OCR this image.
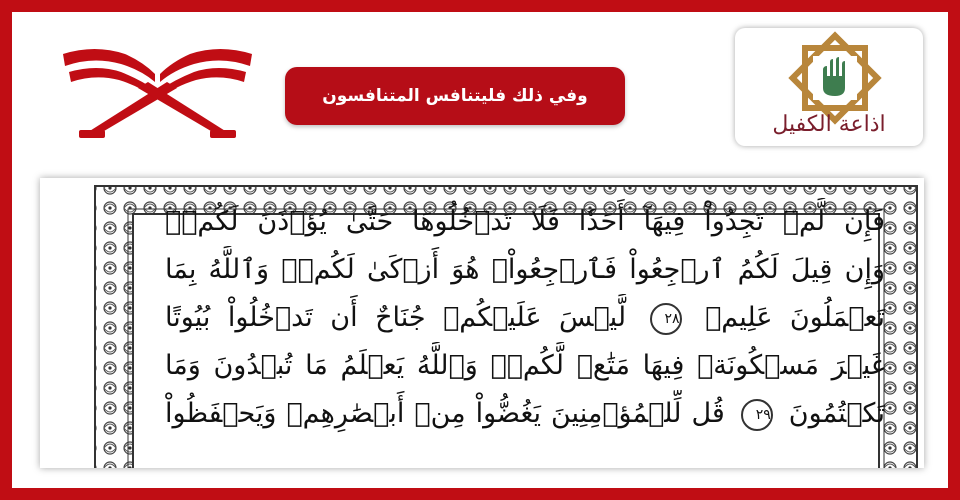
وفي ذلك فليتنافس المتنافسون
اذاعة الكفيل
فَإِن لَّمۡ تَجِدُواْ فِيهَآ أَحَدٗا فَلَا تَدۡخُلُوهَا حَتَّىٰ يُؤۡذَنَ لَكُمۡۖ
وَإِن قِيلَ لَكُمُ ٱرۡجِعُواْ فَٱرۡجِعُواْۖ هُوَ أَزۡكَىٰ لَكُمۡۚ وَٱللَّهُ بِمَا
تَعۡمَلُونَ عَلِيمٞ ٢٨ لَّيۡسَ عَلَيۡكُمۡ جُنَاحٌ أَن تَدۡخُلُواْ بُيُوتًا
غَيۡرَ مَسۡكُونَةٖ فِيهَا مَتَٰعٞ لَّكُمۡۚ وَٱللَّهُ يَعۡلَمُ مَا تُبۡدُونَ وَمَا
تَكۡتُمُونَ ٢٩ قُل لِّلۡمُؤۡمِنِينَ يَغُضُّواْ مِنۡ أَبۡصَٰرِهِمۡ وَيَحۡفَظُواْ
